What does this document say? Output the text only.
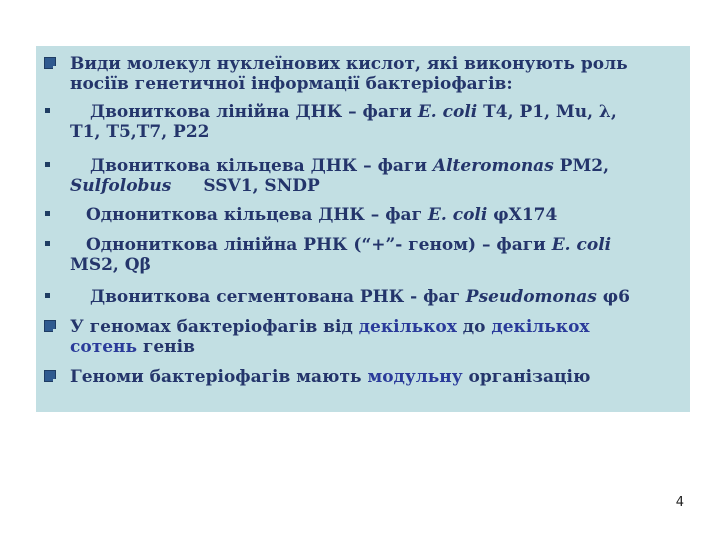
Види молекул нуклеїнових кислот, які виконують роль
носіїв генетичної інформації бактеріофагів:
Двониткова лінійна ДНК – фаги E. coli T4, P1, Mu, λ,
T1, T5,T7, P22
Двониткова кільцева ДНК – фаги Alteromonas PM2,
Sulfolobus SSV1, SNDP
Однониткова кільцева ДНК – фаг E. coli φХ174
Однониткова лінійна РНК (“+”- геном) – фаги E. coli
MS2, Qβ
Двониткова сегментована РНК - фаг Pseudomonas φ6
У геномах бактеріофагів від декількох до декількох
сотень генів
Геноми бактеріофагів мають модульну організацію
4
